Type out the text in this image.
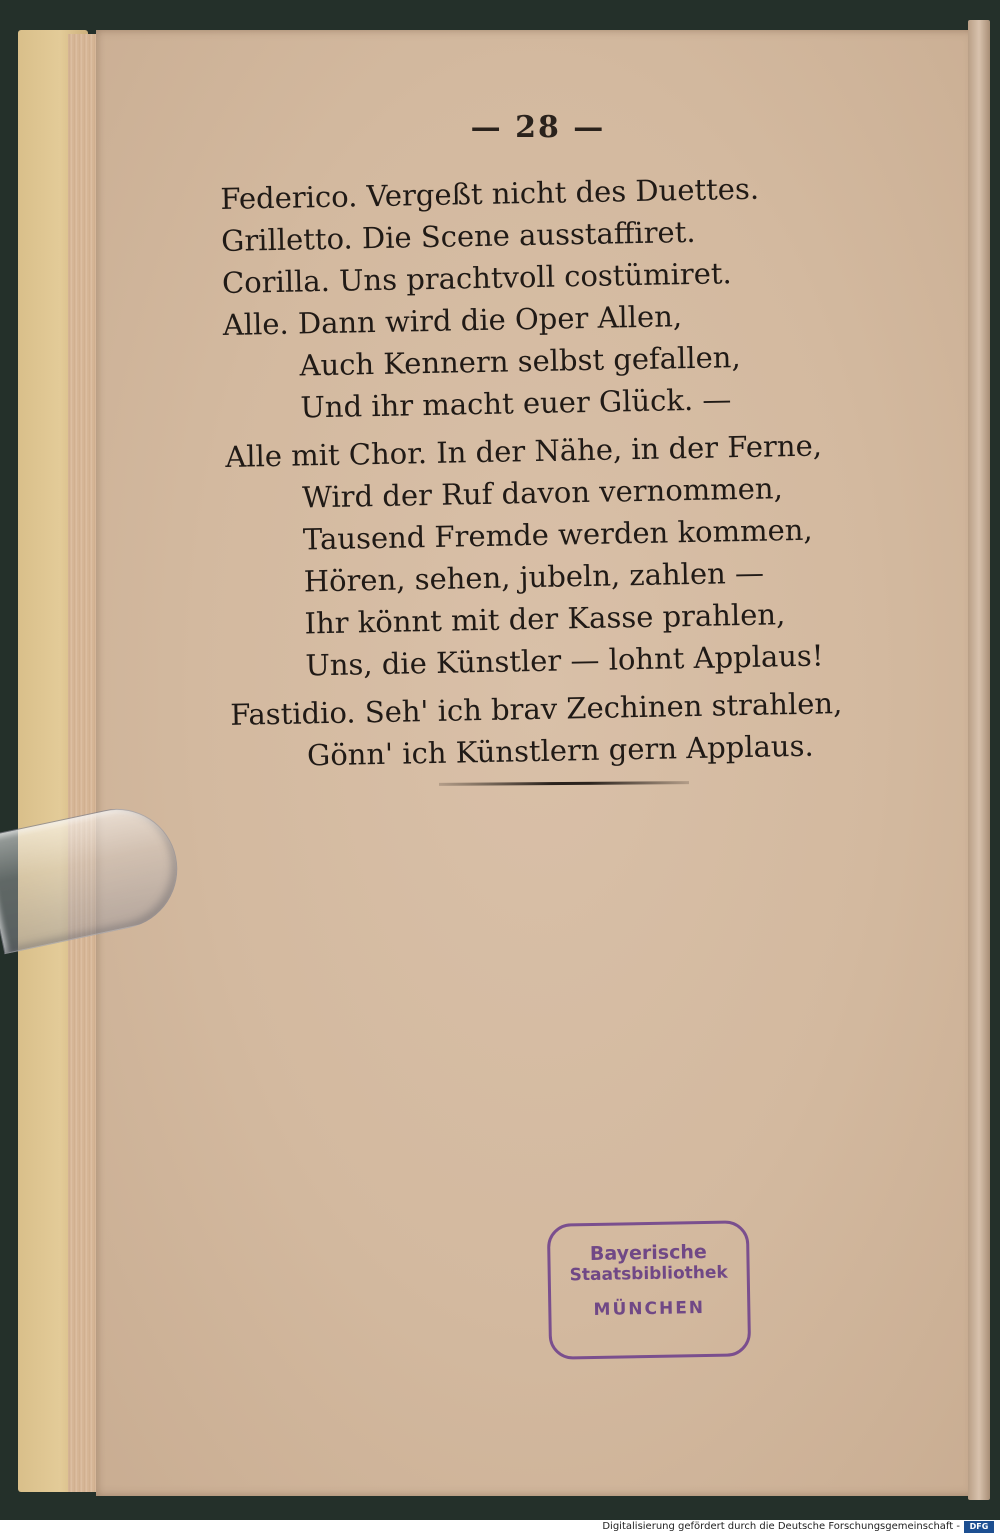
— 28 —
Federico. Vergeßt nicht des Duettes.
Grilletto. Die Scene ausstaffiret.
Corilla. Uns prachtvoll costümiret.
Alle. Dann wird die Oper Allen,
Auch Kennern selbst gefallen,
Und ihr macht euer Glück. —
Alle mit Chor. In der Nähe, in der Ferne,
Wird der Ruf davon vernommen,
Tausend Fremde werden kommen,
Hören, sehen, jubeln, zahlen —
Ihr könnt mit der Kasse prahlen,
Uns, die Künstler — lohnt Applaus!
Fastidio. Seh' ich brav Zechinen strahlen,
Gönn' ich Künstlern gern Applaus.
Bayerische
Staatsbibliothek
MÜNCHEN
Digitalisierung gefördert durch die Deutsche Forschungsgemeinschaft -	DFG
